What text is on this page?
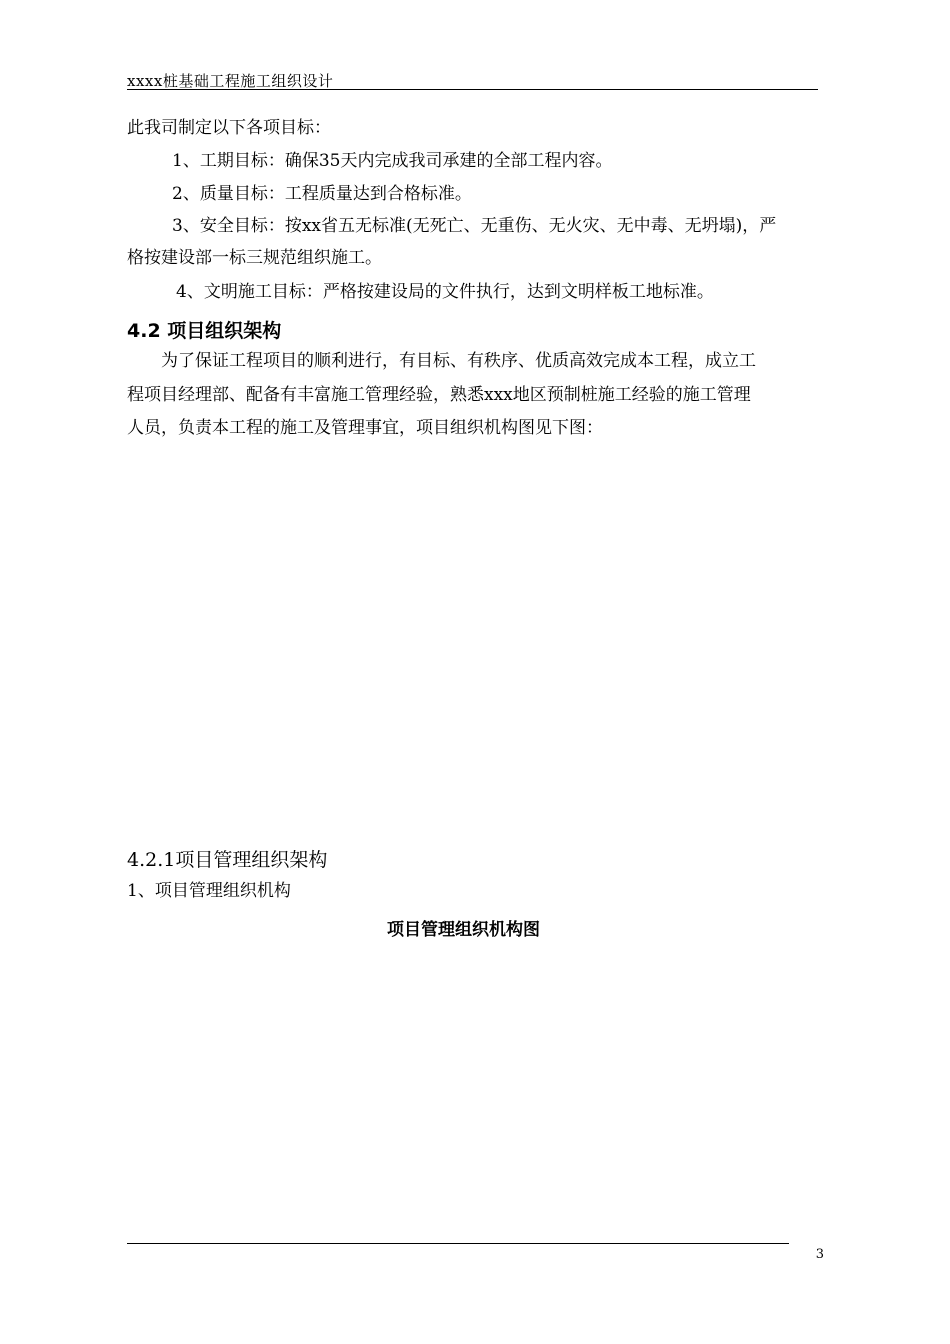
xxxx桩基础工程施工组织设计
此我司制定以下各项目标：
1、工期目标：确保35天内完成我司承建的全部工程内容。
2、质量目标：工程质量达到合格标准。
3、安全目标：按xx省五无标准(无死亡、无重伤、无火灾、无中毒、无坍塌)，严
格按建设部一标三规范组织施工。
4、文明施工目标：严格按建设局的文件执行，达到文明样板工地标准。
4.2 项目组织架构
为了保证工程项目的顺利进行，有目标、有秩序、优质高效完成本工程，成立工
程项目经理部、配备有丰富施工管理经验，熟悉xxx地区预制桩施工经验的施工管理
人员，负责本工程的施工及管理事宜，项目组织机构图见下图：
4.2.1项目管理组织架构
1、项目管理组织机构
项目管理组织机构图
3
